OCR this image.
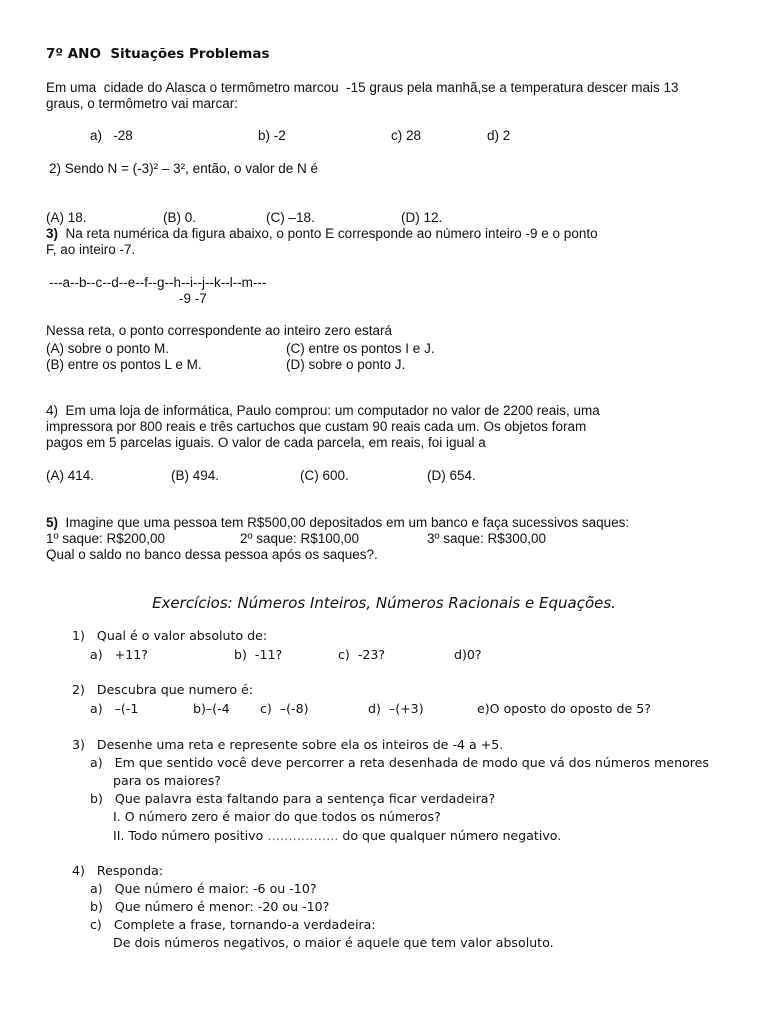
7º ANO  Situações Problemas
Em uma  cidade do Alasca o termômetro marcou  -15 graus pela manhã,se a temperatura descer mais 13
graus, o termômetro vai marcar:
a)   -28	b) -2	c) 28	d) 2
2) Sendo N = (-3)² – 3², então, o valor de N é
(A) 18.	(B) 0.	(C) –18.	(D) 12.
3)  Na reta numérica da figura abaixo, o ponto E corresponde ao número inteiro -9 e o ponto
F, ao inteiro -7.
---a--b--c--d--e--f--g--h--i--j--k--l--m---
-9 -7
Nessa reta, o ponto correspondente ao inteiro zero estará
(A) sobre o ponto M.	(C) entre os pontos I e J.
(B) entre os pontos L e M.	(D) sobre o ponto J.
4)  Em uma loja de informática, Paulo comprou: um computador no valor de 2200 reais, uma
impressora por 800 reais e três cartuchos que custam 90 reais cada um. Os objetos foram
pagos em 5 parcelas iguais. O valor de cada parcela, em reais, foi igual a
(A) 414.	(B) 494.	(C) 600.	(D) 654.
5)  Imagine que uma pessoa tem R$500,00 depositados em um banco e faça sucessivos saques:
1º saque: R$200,00	2º saque: R$100,00	3º saque: R$300,00
Qual o saldo no banco dessa pessoa após os saques?.
Exercícios: Números Inteiros, Números Racionais e Equações.
1)   Qual é o valor absoluto de:
a)   +11?	b)  -11?	c)  -23?	d)0?
2)   Descubra que numero é:
a)   –(-1	b)–(-4 c)  –(-8)	d)  –(+3)	e)O oposto do oposto de 5?
3)   Desenhe uma reta e represente sobre ela os inteiros de -4 a +5.
a)   Em que sentido você deve percorrer a reta desenhada de modo que vá dos números menores
para os maiores?
b)   Que palavra esta faltando para a sentença ficar verdadeira?
I. O número zero é maior do que todos os números?
II. Todo número positivo …………….. do que qualquer número negativo.
4)   Responda:
a)   Que número é maior: -6 ou -10?
b)   Que número é menor: -20 ou -10?
c)   Complete a frase, tornando-a verdadeira:
De dois números negativos, o maior é aquele que tem valor absoluto.
